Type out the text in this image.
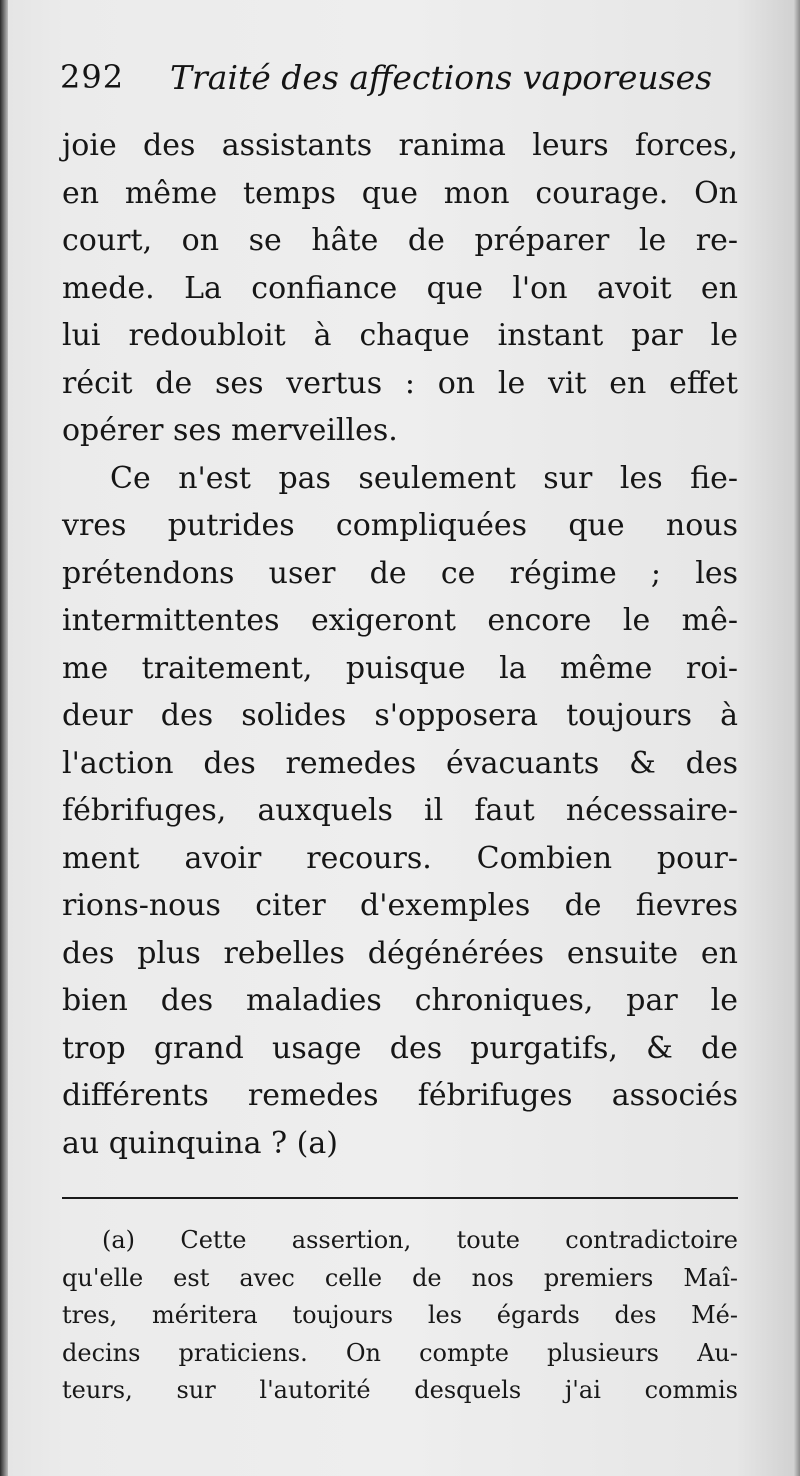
292 Traité des affections vaporeuses
joie des assistants ranima leurs forces,
en même temps que mon courage. On
court, on se hâte de préparer le re-
mede. La confiance que l'on avoit en
lui redoubloit à chaque instant par le
récit de ses vertus : on le vit en effet
opérer ses merveilles.
Ce n'est pas seulement sur les fie-
vres putrides compliquées que nous
prétendons user de ce régime ; les
intermittentes exigeront encore le mê-
me traitement, puisque la même roi-
deur des solides s'opposera toujours à
l'action des remedes évacuants & des
fébrifuges, auxquels il faut nécessaire-
ment avoir recours. Combien pour-
rions-nous citer d'exemples de fievres
des plus rebelles dégénérées ensuite en
bien des maladies chroniques, par le
trop grand usage des purgatifs, & de
différents remedes fébrifuges associés
au quinquina ? (a)
(a) Cette assertion, toute contradictoire
qu'elle est avec celle de nos premiers Maî-
tres, méritera toujours les égards des Mé-
decins praticiens. On compte plusieurs Au-
teurs, sur l'autorité desquels j'ai commis
